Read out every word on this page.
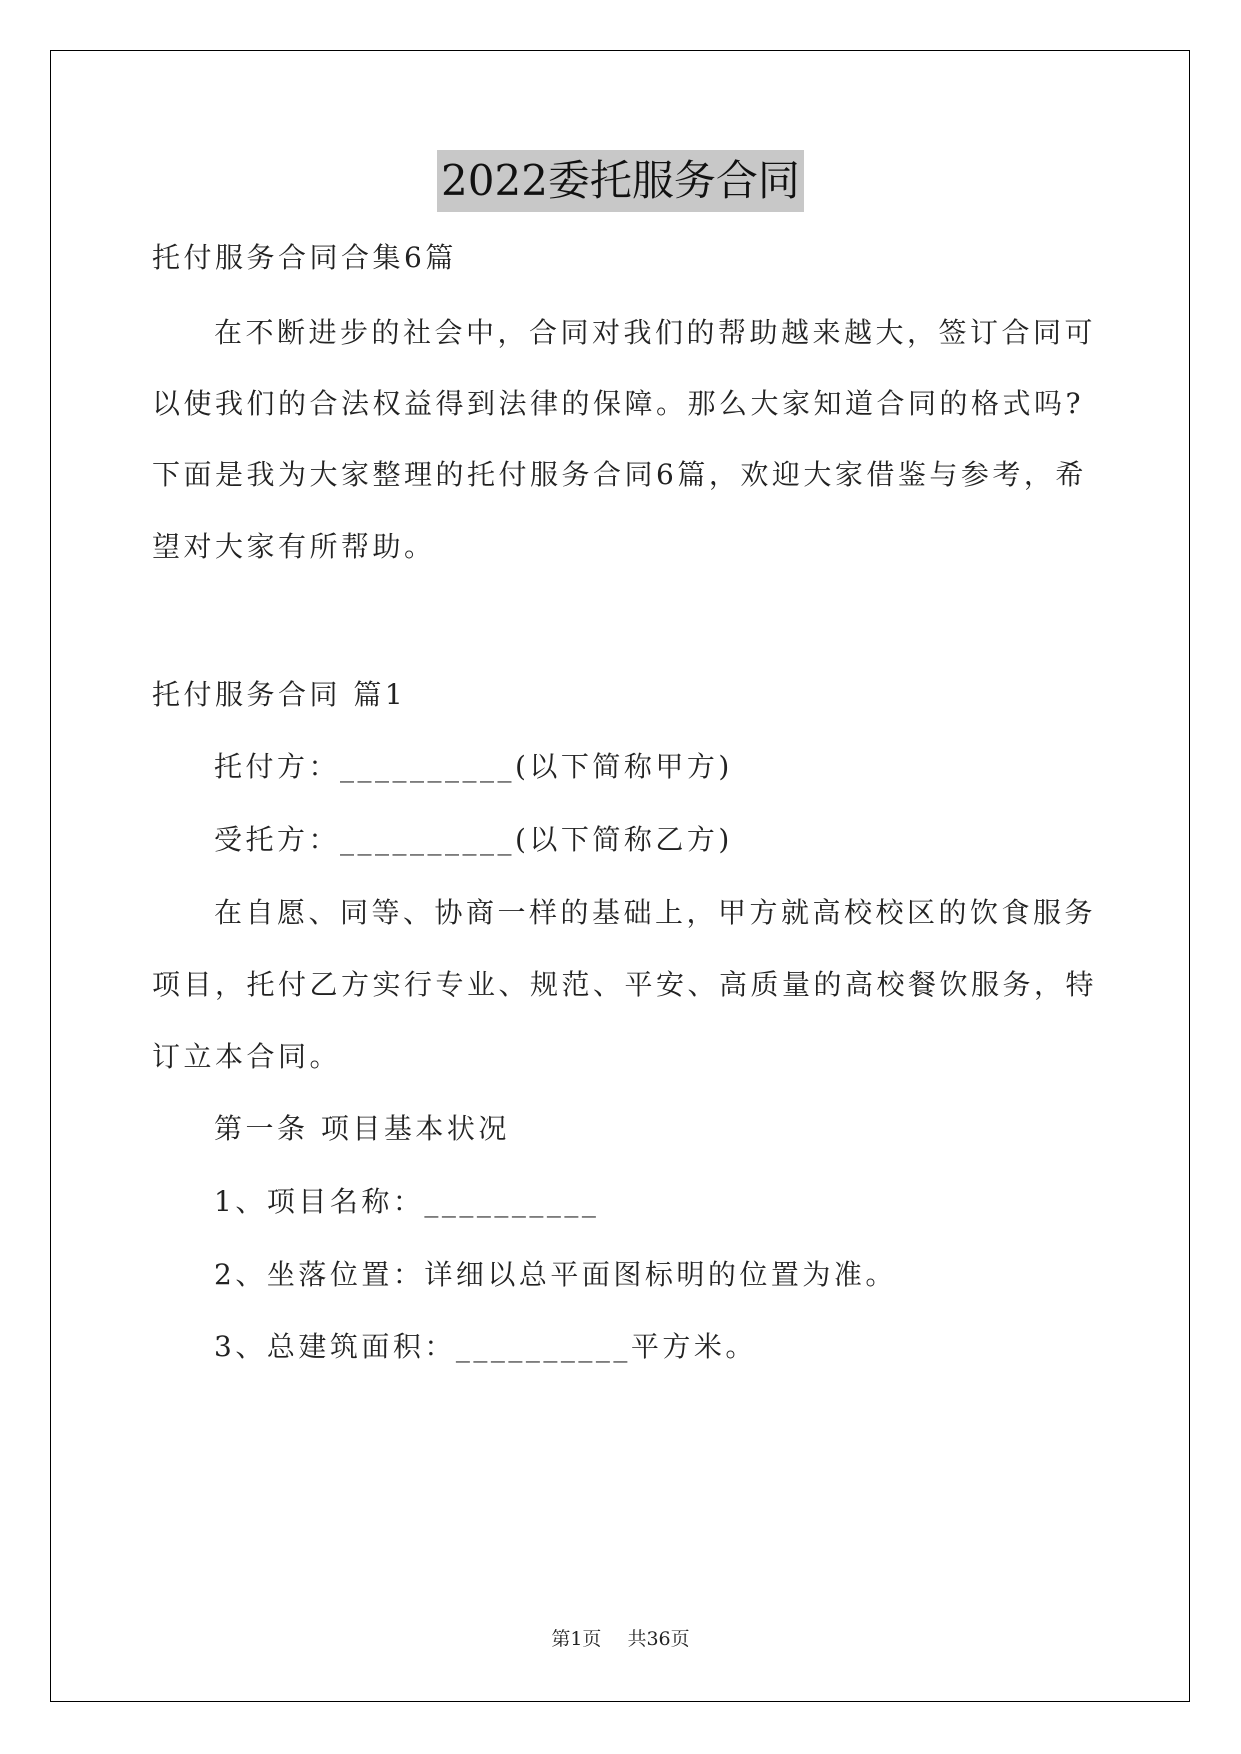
2022委托服务合同
托付服务合同合集6篇
在不断进步的社会中，合同对我们的帮助越来越大，签订合同可
以使我们的合法权益得到法律的保障。那么大家知道合同的格式吗?
下面是我为大家整理的托付服务合同6篇，欢迎大家借鉴与参考，希
望对大家有所帮助。
托付服务合同 篇1
托付方：__________(以下简称甲方)
受托方：__________(以下简称乙方)
在自愿、同等、协商一样的基础上，甲方就高校校区的饮食服务
项目，托付乙方实行专业、规范、平安、高质量的高校餐饮服务，特
订立本合同。
第一条 项目基本状况
1、项目名称：__________
2、坐落位置：详细以总平面图标明的位置为准。
3、总建筑面积：__________平方米。
第1页 共36页
